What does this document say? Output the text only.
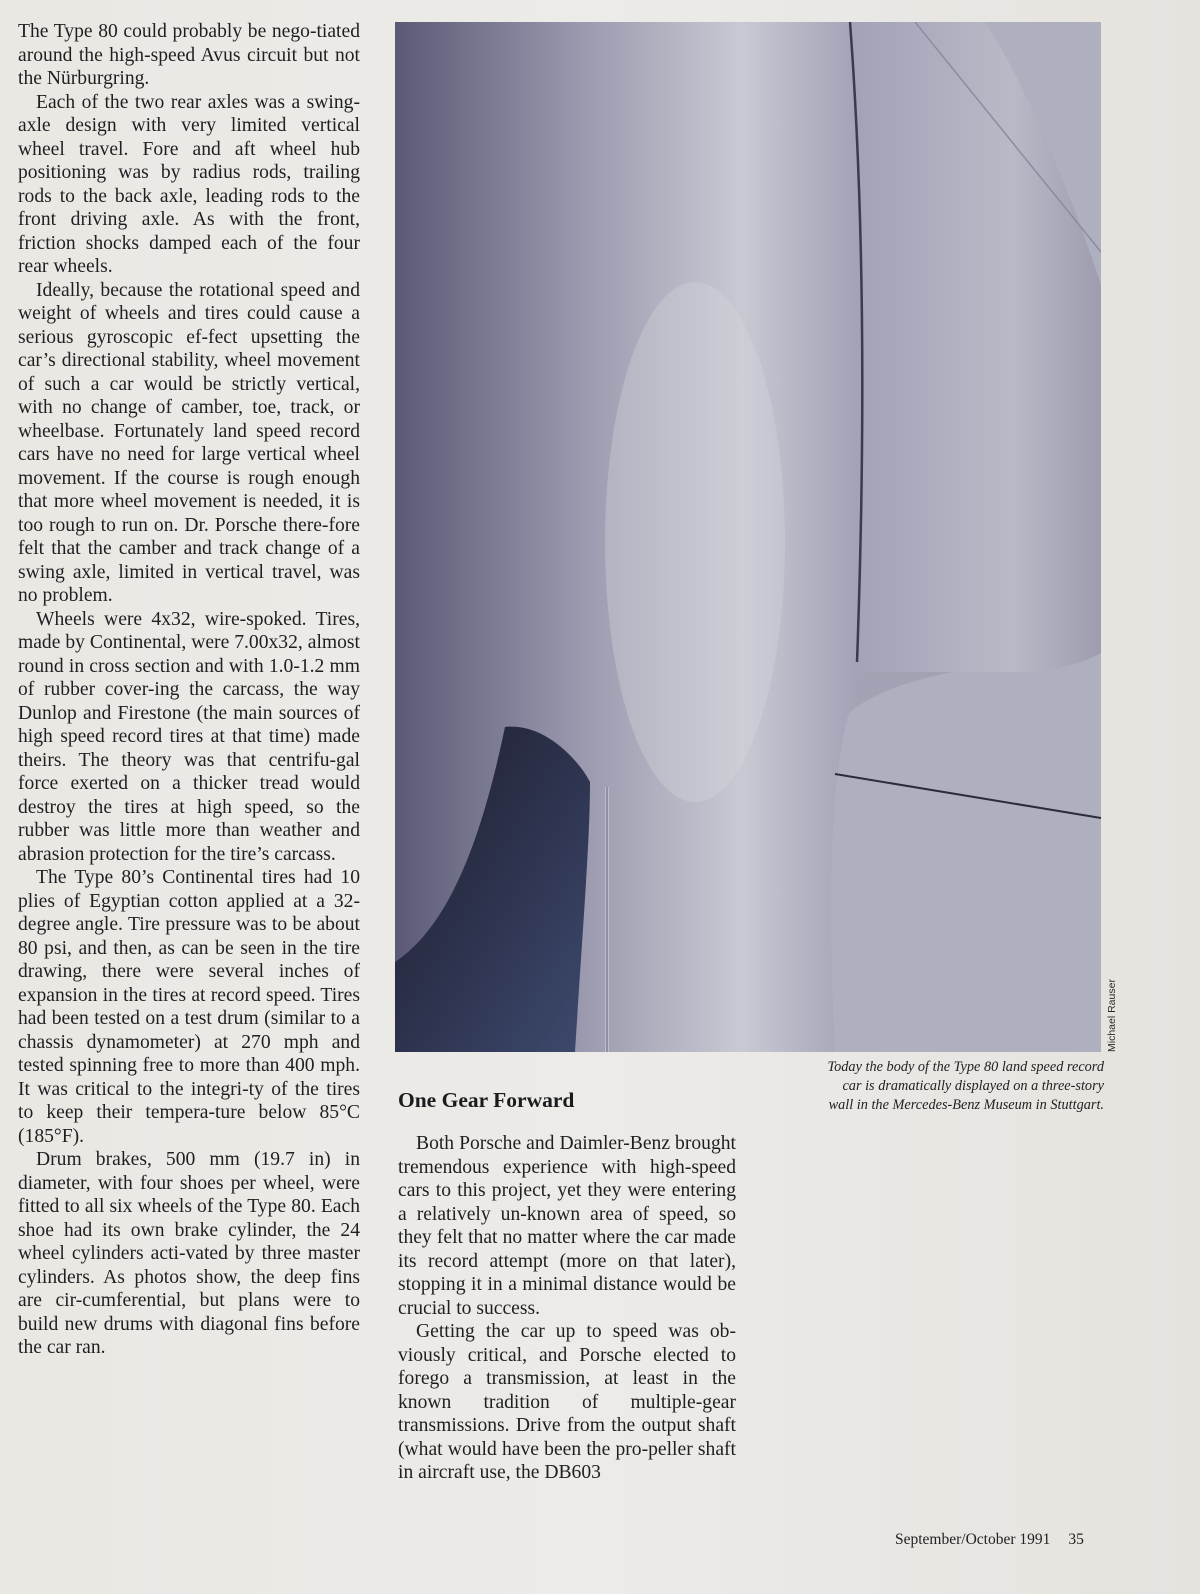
The Type 80 could probably be nego-tiated around the high-speed Avus circuit but not the Nürburgring.

Each of the two rear axles was a swing-axle design with very limited vertical wheel travel. Fore and aft wheel hub positioning was by radius rods, trailing rods to the back axle, leading rods to the front driving axle. As with the front, friction shocks damped each of the four rear wheels.

Ideally, because the rotational speed and weight of wheels and tires could cause a serious gyroscopic ef-fect upsetting the car’s directional stability, wheel movement of such a car would be strictly vertical, with no change of camber, toe, track, or wheelbase. Fortunately land speed record cars have no need for large vertical wheel movement. If the course is rough enough that more wheel movement is needed, it is too rough to run on. Dr. Porsche there-fore felt that the camber and track change of a swing axle, limited in vertical travel, was no problem.

Wheels were 4x32, wire-spoked. Tires, made by Continental, were 7.00x32, almost round in cross section and with 1.0-1.2 mm of rubber cover-ing the carcass, the way Dunlop and Firestone (the main sources of high speed record tires at that time) made theirs. The theory was that centrifu-gal force exerted on a thicker tread would destroy the tires at high speed, so the rubber was little more than weather and abrasion protection for the tire’s carcass.

The Type 80’s Continental tires had 10 plies of Egyptian cotton applied at a 32-degree angle. Tire pressure was to be about 80 psi, and then, as can be seen in the tire drawing, there were several inches of expansion in the tires at record speed. Tires had been tested on a test drum (similar to a chassis dynamometer) at 270 mph and tested spinning free to more than 400 mph. It was critical to the integri-ty of the tires to keep their tempera-ture below 85°C (185°F).

Drum brakes, 500 mm (19.7 in) in diameter, with four shoes per wheel, were fitted to all six wheels of the Type 80. Each shoe had its own brake cylinder, the 24 wheel cylinders acti-vated by three master cylinders. As photos show, the deep fins are cir-cumferential, but plans were to build new drums with diagonal fins before the car ran.

Michael Rauser
Today the body of the Type 80 land speed record car is dramatically displayed on a three-story wall in the Mercedes-Benz Museum in Stuttgart.
One Gear Forward

Both Porsche and Daimler-Benz brought tremendous experience with high-speed cars to this project, yet they were entering a relatively un-known area of speed, so they felt that no matter where the car made its record attempt (more on that later), stopping it in a minimal distance would be crucial to success.

Getting the car up to speed was ob-viously critical, and Porsche elected to forego a transmission, at least in the known tradition of multiple-gear transmissions. Drive from the output shaft (what would have been the pro-peller shaft in aircraft use, the DB603

September/October 1991 35
